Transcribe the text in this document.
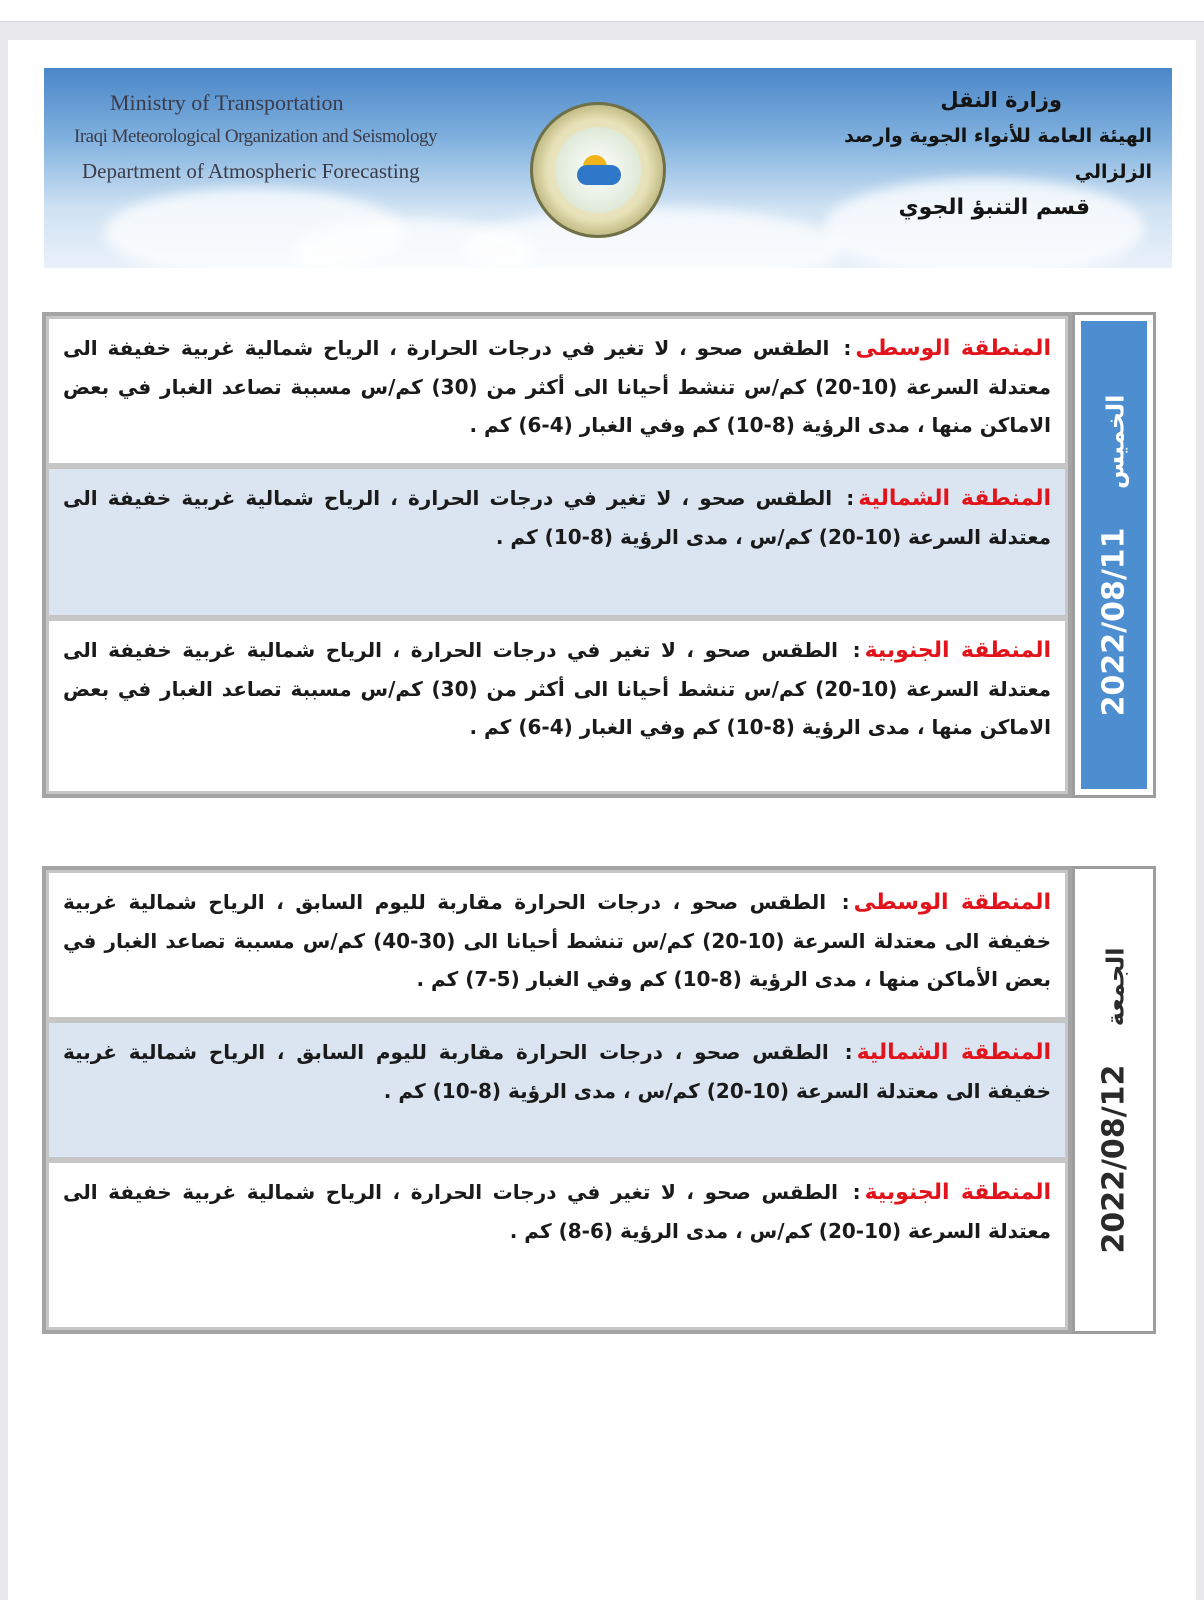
Ministry of Transportation
Iraqi Meteorological Organization and Seismology
Department of Atmospheric Forecasting
وزارة النقل
الهيئة العامة للأنواء الجوية وارصد الزلزالي
قسم التنبؤ الجوي

المنطقة الوسطى: الطقس صحو ، لا تغير في درجات الحرارة ، الرياح شمالية غربية خفيفة الى معتدلة السرعة (10-20) كم/س تنشط أحيانا الى أكثر من (30) كم/س مسببة تصاعد الغبار في بعض الاماكن منها ، مدى الرؤية (8-10) كم وفي الغبار (4-6) كم .

المنطقة الشمالية: الطقس صحو ، لا تغير في درجات الحرارة ، الرياح شمالية غربية خفيفة الى معتدلة السرعة (10-20) كم/س ، مدى الرؤية (8-10) كم .

المنطقة الجنوبية: الطقس صحو ، لا تغير في درجات الحرارة ، الرياح شمالية غربية خفيفة الى معتدلة السرعة (10-20) كم/س تنشط أحيانا الى أكثر من (30) كم/س مسببة تصاعد الغبار في بعض الاماكن منها ، مدى الرؤية (8-10) كم وفي الغبار (4-6) كم .

الخميس 2022/08/11

المنطقة الوسطى: الطقس صحو ، درجات الحرارة مقاربة لليوم السابق ، الرياح شمالية غربية خفيفة الى معتدلة السرعة (10-20) كم/س تنشط أحيانا الى (30-40) كم/س مسببة تصاعد الغبار في بعض الأماكن منها ، مدى الرؤية (8-10) كم وفي الغبار (5-7) كم .

المنطقة الشمالية: الطقس صحو ، درجات الحرارة مقاربة لليوم السابق ، الرياح شمالية غربية خفيفة الى معتدلة السرعة (10-20) كم/س ، مدى الرؤية (8-10) كم .

المنطقة الجنوبية: الطقس صحو ، لا تغير في درجات الحرارة ، الرياح شمالية غربية خفيفة الى معتدلة السرعة (10-20) كم/س ، مدى الرؤية (6-8) كم .

الجمعة 2022/08/12
